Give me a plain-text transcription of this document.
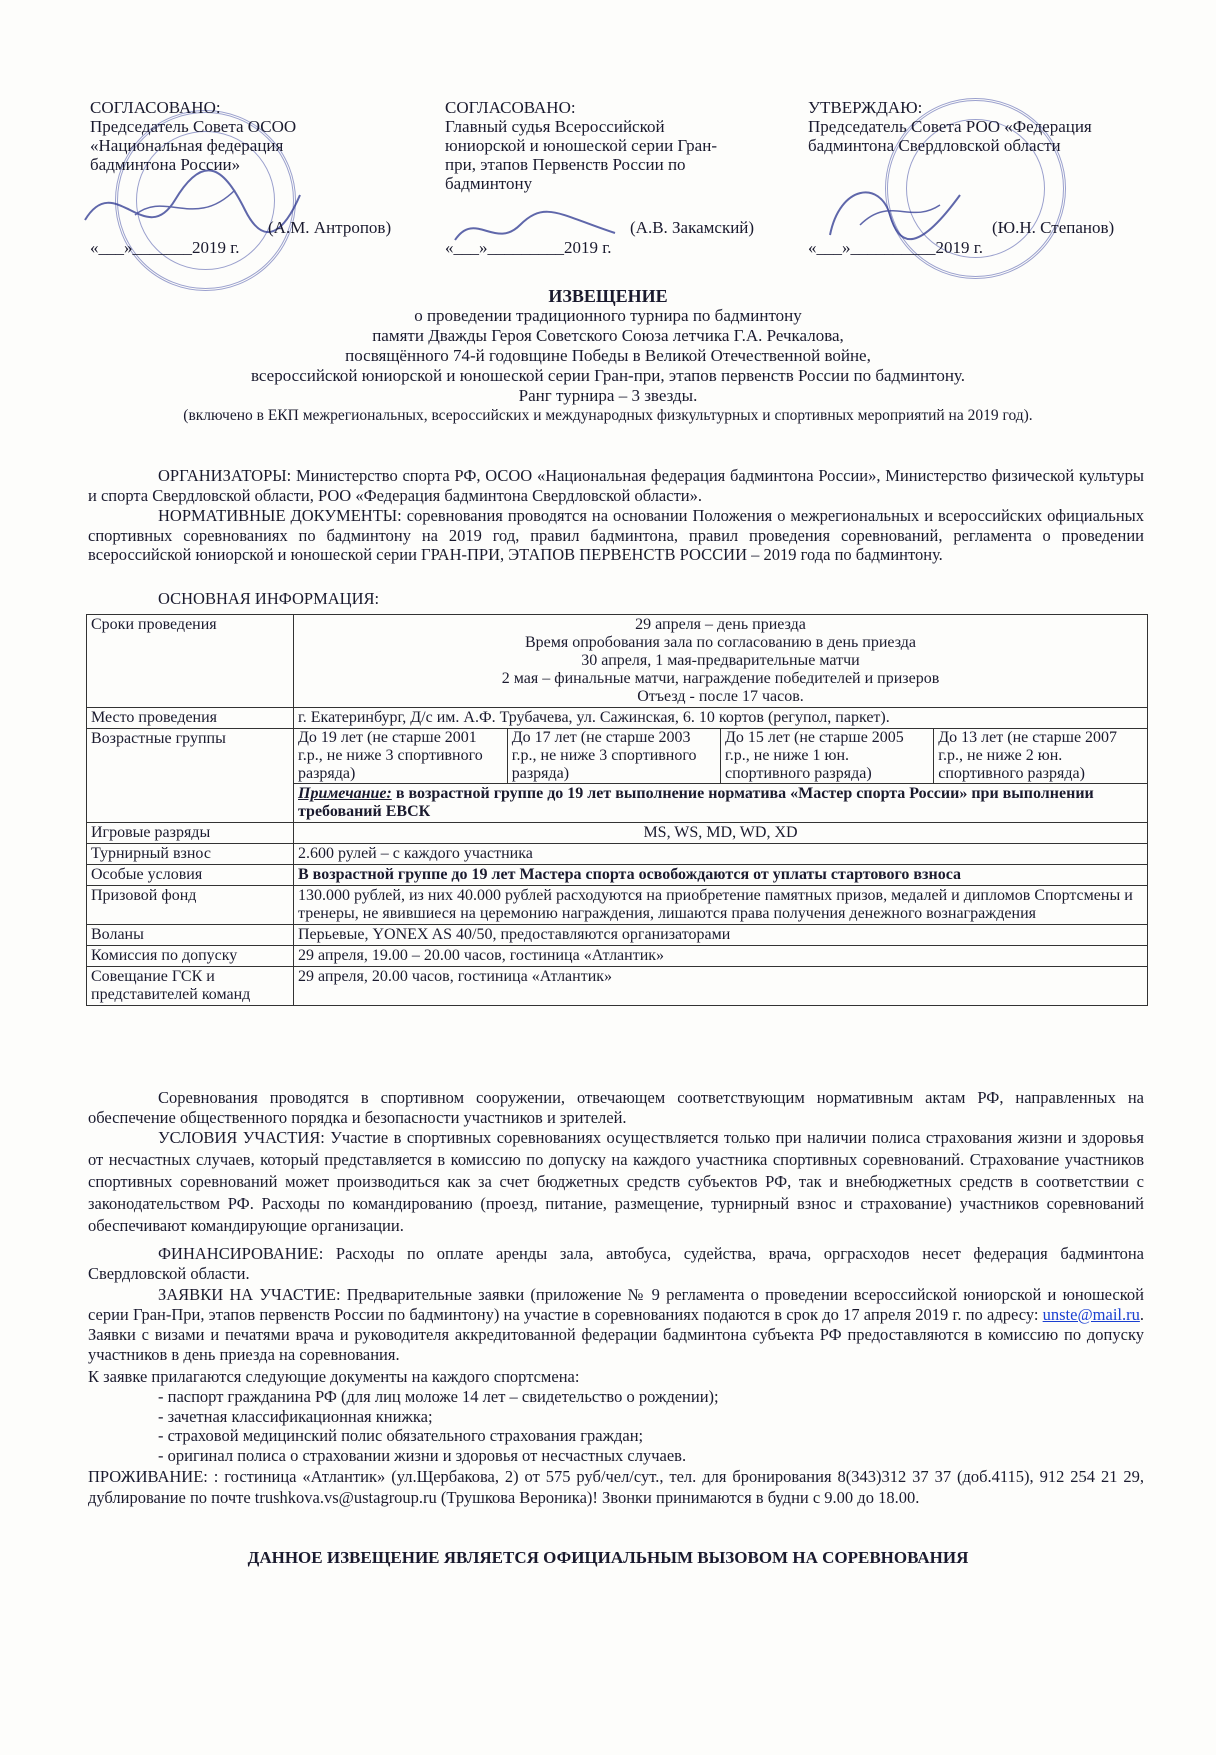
СОГЛАСОВАНО:
Председатель Совета ОСОО
«Национальная федерация
бадминтона России»
(А.М. Антропов)
«___»_______2019 г.
СОГЛАСОВАНО:
Главный судья Всероссийской
юниорской и юношеской серии Гран-
при, этапов Первенств России по
бадминтону
(А.В. Закамский)
«___»_________2019 г.
УТВЕРЖДАЮ:
Председатель Совета РОО «Федерация
бадминтона Свердловской области
(Ю.Н. Степанов)
«___»__________2019 г.
ИЗВЕЩЕНИЕ
о проведении традиционного турнира по бадминтону
памяти Дважды Героя Советского Союза летчика Г.А. Речкалова,
посвящённого 74-й годовщине Победы в Великой Отечественной войне,
всероссийской юниорской и юношеской серии Гран-при, этапов первенств России по бадминтону.
Ранг турнира – 3 звезды.
(включено в ЕКП межрегиональных, всероссийских и международных физкультурных и спортивных мероприятий на 2019 год).
ОРГАНИЗАТОРЫ: Министерство спорта РФ, ОСОО «Национальная федерация бадминтона России», Министерство физической культуры и спорта Свердловской области, РОО «Федерация бадминтона Свердловской области».
НОРМАТИВНЫЕ ДОКУМЕНТЫ: соревнования проводятся на основании Положения о межрегиональных и всероссийских официальных спортивных соревнованиях по бадминтону на 2019 год, правил бадминтона, правил проведения соревнований, регламента о проведении всероссийской юниорской и юношеской серии ГРАН-ПРИ, ЭТАПОВ ПЕРВЕНСТВ РОССИИ – 2019 года по бадминтону.
ОСНОВНАЯ ИНФОРМАЦИЯ:
Сроки проведения	29 апреля – день приезда
Время опробования зала по согласованию в день приезда
30 апреля, 1 мая-предварительные матчи
2 мая – финальные матчи, награждение победителей и призеров
Отъезд - после 17 часов.

Место проведения	г. Екатеринбург, Д/с им. А.Ф. Трубачева, ул. Сажинская, 6. 10 кортов (регупол, паркет).
Возрастные группы		До 19 лет (не старше 2001 г.р., не ниже 3 спортивного разряда)	До 17 лет (не старше 2003 г.р., не ниже 3 спортивного разряда)	До 15 лет (не старше 2005 г.р., не ниже 1 юн. спортивного разряда)	До 13 лет (не старше 2007 г.р., не ниже 2 юн. спортивного разряда)

Примечание: в возрастной группе до 19 лет выполнение норматива «Мастер спорта России» при выполнении требований ЕВСК
Игровые разряды	MS, WS, MD, WD, XD
Турнирный взнос	2.600 рулей – с каждого участника
Особые условия	В возрастной группе до 19 лет Мастера спорта освобождаются от уплаты стартового взноса
Призовой фонд	130.000 рублей, из них 40.000 рублей расходуются на приобретение памятных призов, медалей и дипломов Спортсмены и тренеры, не явившиеся на церемонию награждения, лишаются права получения денежного вознаграждения
Воланы	Перьевые, YONEX AS 40/50, предоставляются организаторами
Комиссия по допуску	29 апреля, 19.00 – 20.00 часов, гостиница «Атлантик»
Совещание ГСК и представителей команд	29 апреля, 20.00 часов, гостиница «Атлантик»
Соревнования проводятся в спортивном сооружении, отвечающем соответствующим нормативным актам РФ, направленных на обеспечение общественного порядка и безопасности участников и зрителей.
УСЛОВИЯ УЧАСТИЯ: Участие в спортивных соревнованиях осуществляется только при наличии полиса страхования жизни и здоровья от несчастных случаев, который представляется в комиссию по допуску на каждого участника спортивных соревнований. Страхование участников спортивных соревнований может производиться как за счет бюджетных средств субъектов РФ, так и внебюджетных средств в соответствии с законодательством РФ. Расходы по командированию (проезд, питание, размещение, турнирный взнос и страхование) участников соревнований обеспечивают командирующие организации.
ФИНАНСИРОВАНИЕ: Расходы по оплате аренды зала, автобуса, судейства, врача, орграсходов несет федерация бадминтона Свердловской области.
ЗАЯВКИ НА УЧАСТИЕ: Предварительные заявки (приложение № 9 регламента о проведении всероссийской юниорской и юношеской серии Гран-При, этапов первенств России по бадминтону) на участие в соревнованиях подаются в срок до 17 апреля 2019 г. по адресу: unste@mail.ru. Заявки с визами и печатями врача и руководителя аккредитованной федерации бадминтона субъекта РФ предоставляются в комиссию по допуску участников в день приезда на соревнования.
К заявке прилагаются следующие документы на каждого спортсмена:
- паспорт гражданина РФ (для лиц моложе 14 лет – свидетельство о рождении);
- зачетная классификационная книжка;
- страховой медицинский полис обязательного страхования граждан;
- оригинал полиса о страховании жизни и здоровья от несчастных случаев.
ПРОЖИВАНИЕ: : гостиница «Атлантик» (ул.Щербакова, 2) от 575 руб/чел/сут., тел. для бронирования 8(343)312 37 37 (доб.4115), 912 254 21 29, дублирование по почте trushkova.vs@ustagroup.ru (Трушкова Вероника)! Звонки принимаются в будни с 9.00 до 18.00.
ДАННОЕ ИЗВЕЩЕНИЕ ЯВЛЯЕТСЯ ОФИЦИАЛЬНЫМ ВЫЗОВОМ НА СОРЕВНОВАНИЯ
